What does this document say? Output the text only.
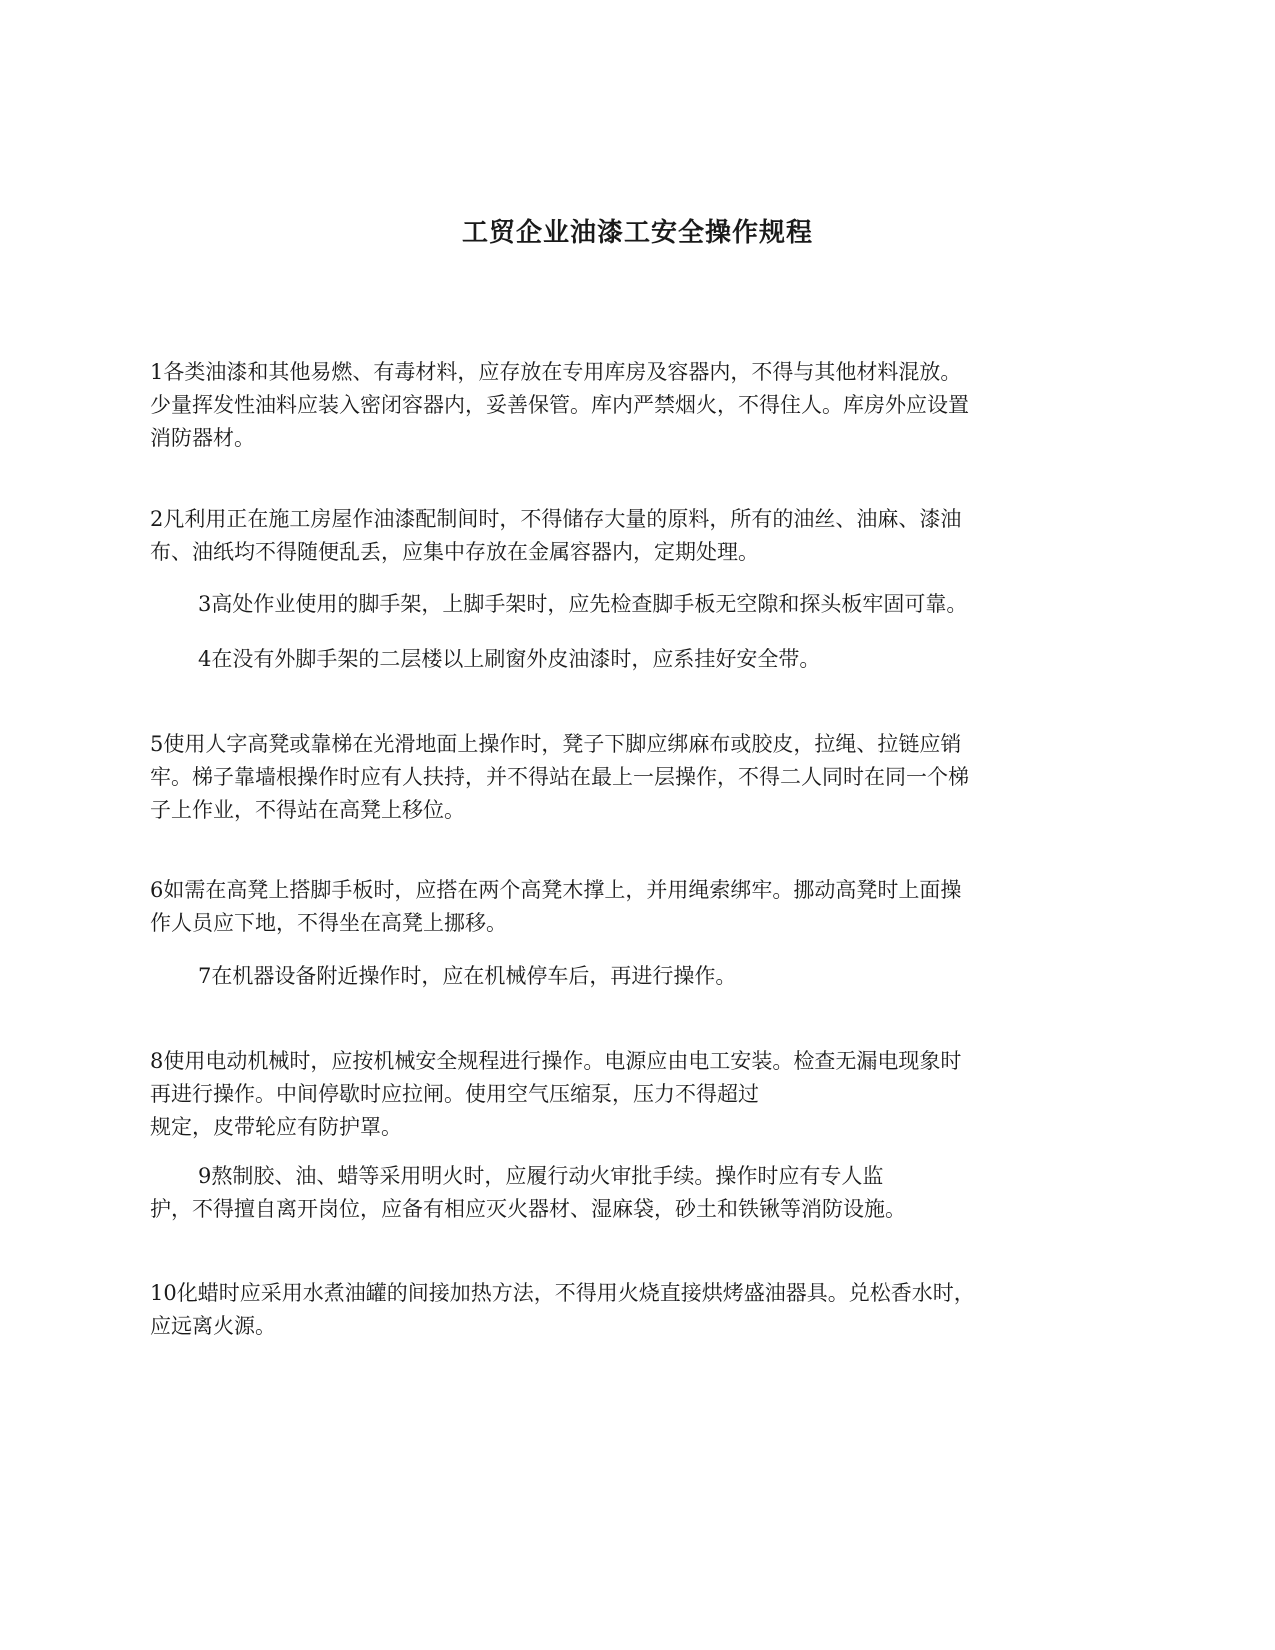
工贸企业油漆工安全操作规程

1各类油漆和其他易燃、有毒材料，应存放在专用库房及容器内，不得与其他材料混放。
少量挥发性油料应装入密闭容器内，妥善保管。库内严禁烟火，不得住人。库房外应设置
消防器材。

2凡利用正在施工房屋作油漆配制间时，不得储存大量的原料，所有的油丝、油麻、漆油
布、油纸均不得随便乱丢，应集中存放在金属容器内，定期处理。

3高处作业使用的脚手架，上脚手架时，应先检查脚手板无空隙和探头板牢固可靠。

4在没有外脚手架的二层楼以上刷窗外皮油漆时，应系挂好安全带。

5使用人字高凳或靠梯在光滑地面上操作时，凳子下脚应绑麻布或胶皮，拉绳、拉链应销
牢。梯子靠墙根操作时应有人扶持，并不得站在最上一层操作，不得二人同时在同一个梯
子上作业，不得站在高凳上移位。

6如需在高凳上搭脚手板时，应搭在两个高凳木撑上，并用绳索绑牢。挪动高凳时上面操
作人员应下地，不得坐在高凳上挪移。

7在机器设备附近操作时，应在机械停车后，再进行操作。

8使用电动机械时，应按机械安全规程进行操作。电源应由电工安装。检查无漏电现象时
再进行操作。中间停歇时应拉闸。使用空气压缩泵，压力不得超过
规定，皮带轮应有防护罩。

9熬制胶、油、蜡等采用明火时，应履行动火审批手续。操作时应有专人监
护，不得擅自离开岗位，应备有相应灭火器材、湿麻袋，砂土和铁锹等消防设施。

10化蜡时应采用水煮油罐的间接加热方法，不得用火烧直接烘烤盛油器具。兑松香水时，
应远离火源。
